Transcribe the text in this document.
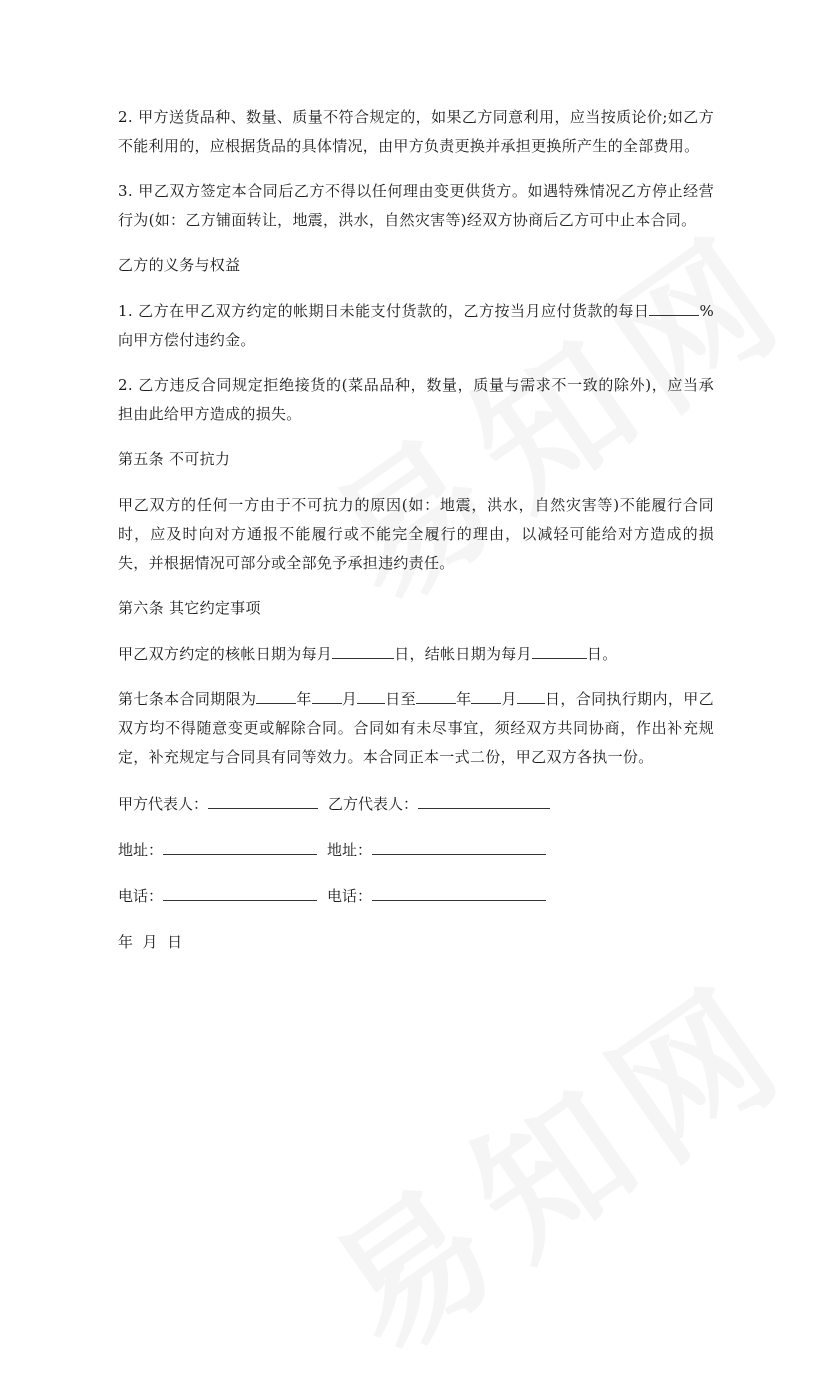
2. 甲方送货品种、数量、质量不符合规定的，如果乙方同意利用，应当按质论价;如乙方不能利用的，应根据货品的具体情况，由甲方负责更换并承担更换所产生的全部费用。

3. 甲乙双方签定本合同后乙方不得以任何理由变更供货方。如遇特殊情况乙方停止经营行为(如：乙方铺面转让，地震，洪水，自然灾害等)经双方协商后乙方可中止本合同。

乙方的义务与权益

1. 乙方在甲乙双方约定的帐期日未能支付货款的，乙方按当月应付货款的每日	%向甲方偿付违约金。

2. 乙方违反合同规定拒绝接货的(菜品品种，数量，质量与需求不一致的除外)，应当承担由此给甲方造成的损失。

第五条 不可抗力

甲乙双方的任何一方由于不可抗力的原因(如：地震，洪水，自然灾害等)不能履行合同时，应及时向对方通报不能履行或不能完全履行的理由，以减轻可能给对方造成的损失，并根据情况可部分或全部免予承担违约责任。

第六条 其它约定事项

甲乙双方约定的核帐日期为每月	日，结帐日期为每月	日。

第七条本合同期限为	年 月 日至	年 月 日，合同执行期内，甲乙双方均不得随意变更或解除合同。合同如有未尽事宜，须经双方共同协商，作出补充规定，补充规定与合同具有同等效力。本合同正本一式二份，甲乙双方各执一份。

甲方代表人：	乙方代表人：
地址：	地址：
电话：	电话：
年  月  日
